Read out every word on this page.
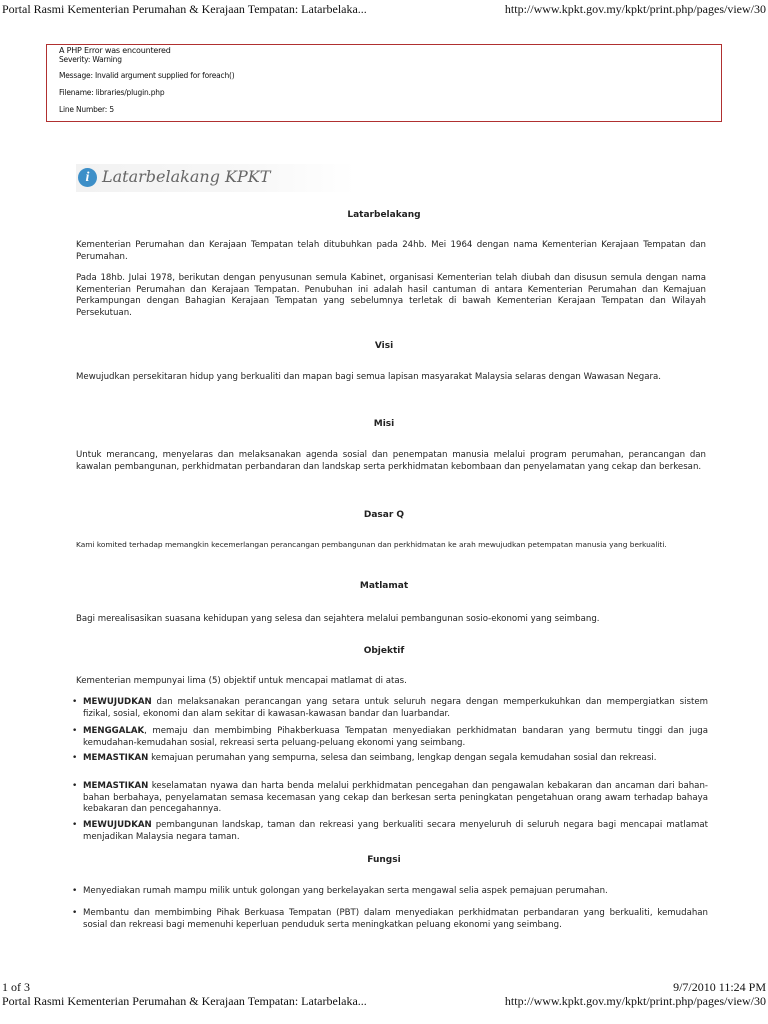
Portal Rasmi Kementerian Perumahan & Kerajaan Tempatan: Latarbelaka...	http://www.kpkt.gov.my/kpkt/print.php/pages/view/30
A PHP Error was encountered
Severity: Warning
Message: Invalid argument supplied for foreach()
Filename: libraries/plugin.php
Line Number: 5
i Latarbelakang KPKT
Latarbelakang
Kementerian Perumahan dan Kerajaan Tempatan telah ditubuhkan pada 24hb. Mei 1964 dengan nama Kementerian Kerajaan Tempatan dan Perumahan.
Pada 18hb. Julai 1978, berikutan dengan penyusunan semula Kabinet, organisasi Kementerian telah diubah dan disusun semula dengan nama Kementerian Perumahan dan Kerajaan Tempatan. Penubuhan ini adalah hasil cantuman di antara Kementerian Perumahan dan Kemajuan Perkampungan dengan Bahagian Kerajaan Tempatan yang sebelumnya terletak di bawah Kementerian Kerajaan Tempatan dan Wilayah Persekutuan.
Visi
Mewujudkan persekitaran hidup yang berkualiti dan mapan bagi semua lapisan masyarakat Malaysia selaras dengan Wawasan Negara.
Misi
Untuk merancang, menyelaras dan melaksanakan agenda sosial dan penempatan manusia melalui program perumahan, perancangan dan kawalan pembangunan, perkhidmatan perbandaran dan landskap serta perkhidmatan kebombaan dan penyelamatan yang cekap dan berkesan.
Dasar Q
Kami komited terhadap memangkin kecemerlangan perancangan pembangunan dan perkhidmatan ke arah mewujudkan petempatan manusia yang berkualiti.
Matlamat
Bagi merealisasikan suasana kehidupan yang selesa dan sejahtera melalui pembangunan sosio-ekonomi yang seimbang.
Objektif
Kementerian mempunyai lima (5) objektif untuk mencapai matlamat di atas.
• MEWUJUDKAN dan melaksanakan perancangan yang setara untuk seluruh negara dengan memperkukuhkan dan mempergiatkan sistem fizikal, sosial, ekonomi dan alam sekitar di kawasan-kawasan bandar dan luarbandar.
• MENGGALAK, memaju dan membimbing Pihakberkuasa Tempatan menyediakan perkhidmatan bandaran yang bermutu tinggi dan juga kemudahan-kemudahan sosial, rekreasi serta peluang-peluang ekonomi yang seimbang.
• MEMASTIKAN kemajuan perumahan yang sempurna, selesa dan seimbang, lengkap dengan segala kemudahan sosial dan rekreasi.
• MEMASTIKAN keselamatan nyawa dan harta benda melalui perkhidmatan pencegahan dan pengawalan kebakaran dan ancaman dari bahan-bahan berbahaya, penyelamatan semasa kecemasan yang cekap dan berkesan serta peningkatan pengetahuan orang awam terhadap bahaya kebakaran dan pencegahannya.
• MEWUJUDKAN pembangunan landskap, taman dan rekreasi yang berkualiti secara menyeluruh di seluruh negara bagi mencapai matlamat menjadikan Malaysia negara taman.
Fungsi
• Menyediakan rumah mampu milik untuk golongan yang berkelayakan serta mengawal selia aspek pemajuan perumahan.
• Membantu dan membimbing Pihak Berkuasa Tempatan (PBT) dalam menyediakan perkhidmatan perbandaran yang berkualiti, kemudahan sosial dan rekreasi bagi memenuhi keperluan penduduk serta meningkatkan peluang ekonomi yang seimbang.
1 of 3	9/7/2010 11:24 PM
Portal Rasmi Kementerian Perumahan & Kerajaan Tempatan: Latarbelaka...	http://www.kpkt.gov.my/kpkt/print.php/pages/view/30
